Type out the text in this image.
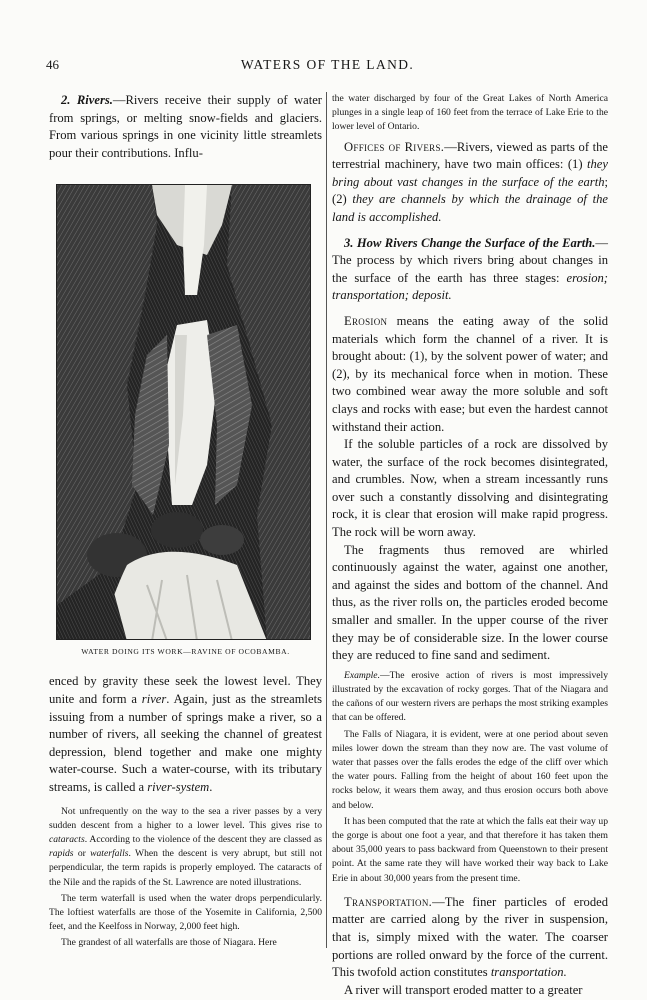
46	WATERS OF THE LAND.

2. Rivers.—Rivers receive their supply of water from springs, or melting snow-fields and glaciers. From various springs in one vicinity little streamlets pour their contributions. Influ-

WATER DOING ITS WORK—RAVINE OF OCOBAMBA.

enced by gravity these seek the lowest level. They unite and form a river. Again, just as the streamlets issuing from a number of springs make a river, so a number of rivers, all seeking the channel of greatest depression, blend together and make one mighty water-course. Such a water-course, with its tributary streams, is called a river-system.

Not unfrequently on the way to the sea a river passes by a very sudden descent from a higher to a lower level. This gives rise to cataracts. According to the violence of the descent they are classed as rapids or waterfalls. When the descent is very abrupt, but still not perpendicular, the term rapids is properly employed. The cataracts of the Nile and the rapids of the St. Lawrence are noted illustrations.

The term waterfall is used when the water drops perpendicularly. The loftiest waterfalls are those of the Yosemite in California, 2,500 feet, and the Keelfoss in Norway, 2,000 feet high.

The grandest of all waterfalls are those of Niagara. Here

the water discharged by four of the Great Lakes of North America plunges in a single leap of 160 feet from the terrace of Lake Erie to the lower level of Ontario.

Offices of Rivers.—Rivers, viewed as parts of the terrestrial machinery, have two main offices: (1) they bring about vast changes in the surface of the earth; (2) they are channels by which the drainage of the land is accomplished.

3. How Rivers Change the Surface of the Earth.—The process by which rivers bring about changes in the surface of the earth has three stages: erosion; transportation; deposit.

Erosion means the eating away of the solid materials which form the channel of a river. It is brought about: (1), by the solvent power of water; and (2), by its mechanical force when in motion. These two combined wear away the more soluble and soft clays and rocks with ease; but even the hardest cannot withstand their action.

If the soluble particles of a rock are dissolved by water, the surface of the rock becomes disintegrated, and crumbles. Now, when a stream incessantly runs over such a constantly dissolving and disintegrating rock, it is clear that erosion will make rapid progress. The rock will be worn away.

The fragments thus removed are whirled continuously against the water, against one another, and against the sides and bottom of the channel. And thus, as the river rolls on, the particles eroded become smaller and smaller. In the upper course of the river they may be of considerable size. In the lower course they are reduced to fine sand and sediment.

Example.—The erosive action of rivers is most impressively illustrated by the excavation of rocky gorges. That of the Niagara and the cañons of our western rivers are perhaps the most striking examples that can be offered.

The Falls of Niagara, it is evident, were at one period about seven miles lower down the stream than they now are. The vast volume of water that passes over the falls erodes the edge of the cliff over which the water pours. Falling from the height of about 160 feet upon the rocks below, it wears them away, and thus erosion occurs both above and below.

It has been computed that the rate at which the falls eat their way up the gorge is about one foot a year, and that therefore it has taken them about 35,000 years to pass backward from Queenstown to their present point. At the same rate they will have worked their way back to Lake Erie in about 30,000 years from the present time.

Transportation.—The finer particles of eroded matter are carried along by the river in suspension, that is, simply mixed with the water. The coarser portions are rolled onward by the force of the current. This twofold action constitutes transportation.

A river will transport eroded matter to a greater
